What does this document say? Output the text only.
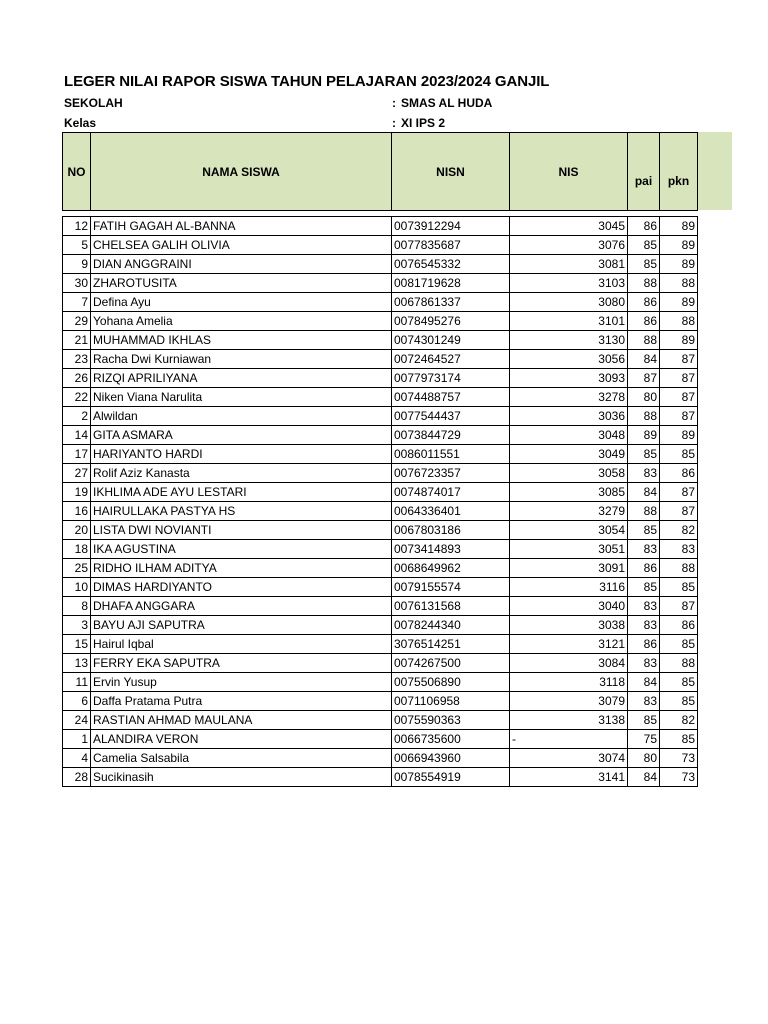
LEGER NILAI RAPOR SISWA TAHUN PELAJARAN 2023/2024 GANJIL
SEKOLAH	: SMAS AL HUDA
Kelas	: XI IPS 2
NO	NAMA SISWA	NISN	NIS	pai	pkn

12	FATIH GAGAH AL-BANNA	0073912294	3045	86	89
5	CHELSEA GALIH OLIVIA	0077835687	3076	85	89
9	DIAN ANGGRAINI	0076545332	3081	85	89
30	ZHAROTUSITA	0081719628	3103	88	88
7	Defina Ayu	0067861337	3080	86	89
29	Yohana Amelia	0078495276	3101	86	88
21	MUHAMMAD IKHLAS	0074301249	3130	88	89
23	Racha Dwi Kurniawan	0072464527	3056	84	87
26	RIZQI APRILIYANA	0077973174	3093	87	87
22	Niken Viana Narulita	0074488757	3278	80	87
2	Alwildan	0077544437	3036	88	87
14	GITA ASMARA	0073844729	3048	89	89
17	HARIYANTO HARDI	0086011551	3049	85	85
27	Rolif Aziz Kanasta	0076723357	3058	83	86
19	IKHLIMA ADE AYU LESTARI	0074874017	3085	84	87
16	HAIRULLAKA PASTYA HS	0064336401	3279	88	87
20	LISTA DWI NOVIANTI	0067803186	3054	85	82
18	IKA AGUSTINA	0073414893	3051	83	83
25	RIDHO ILHAM ADITYA	0068649962	3091	86	88
10	DIMAS HARDIYANTO	0079155574	3116	85	85
8	DHAFA ANGGARA	0076131568	3040	83	87
3	BAYU AJI SAPUTRA	0078244340	3038	83	86
15	Hairul Iqbal	3076514251	3121	86	85
13	FERRY EKA SAPUTRA	0074267500	3084	83	88
11	Ervin Yusup	0075506890	3118	84	85
6	Daffa Pratama Putra	0071106958	3079	83	85
24	RASTIAN AHMAD MAULANA	0075590363	3138	85	82
1	ALANDIRA VERON	0066735600	-	75	85
4	Camelia Salsabila	0066943960	3074	80	73
28	Sucikinasih	0078554919	3141	84	73
